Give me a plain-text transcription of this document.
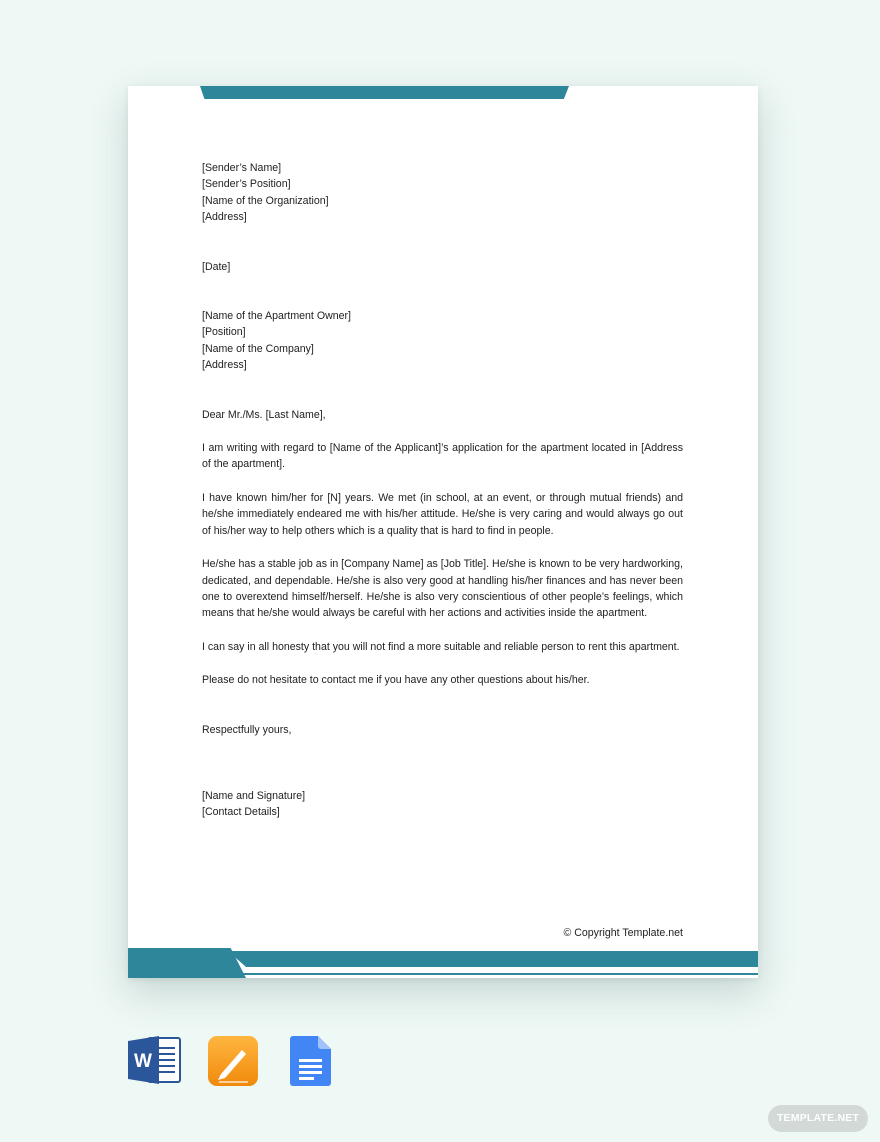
[Sender’s Name]
[Sender’s Position]
[Name of the Organization]
[Address]

[Date]

[Name of the Apartment Owner]
[Position]
[Name of the Company]
[Address]

Dear Mr./Ms. [Last Name],

I am writing with regard to [Name of the Applicant]’s application for the apartment located in [Address of the apartment].

I have known him/her for [N] years. We met (in school, at an event, or through mutual friends) and he/she immediately endeared me with his/her attitude. He/she is very caring and would always go out of his/her way to help others which is a quality that is hard to find in people.

He/she has a stable job as in [Company Name] as [Job Title]. He/she is known to be very hardworking, dedicated, and dependable. He/she is also very good at handling his/her finances and has never been one to overextend himself/herself. He/she is also very conscientious of other people’s feelings, which means that he/she would always be careful with her actions and activities inside the apartment.

I can say in all honesty that you will not find a more suitable and reliable person to rent this apartment.

Please do not hesitate to contact me if you have any other questions about his/her.

Respectfully yours,

[Name and Signature]
[Contact Details]
© Copyright Template.net
W
TEMPLATE.NET
